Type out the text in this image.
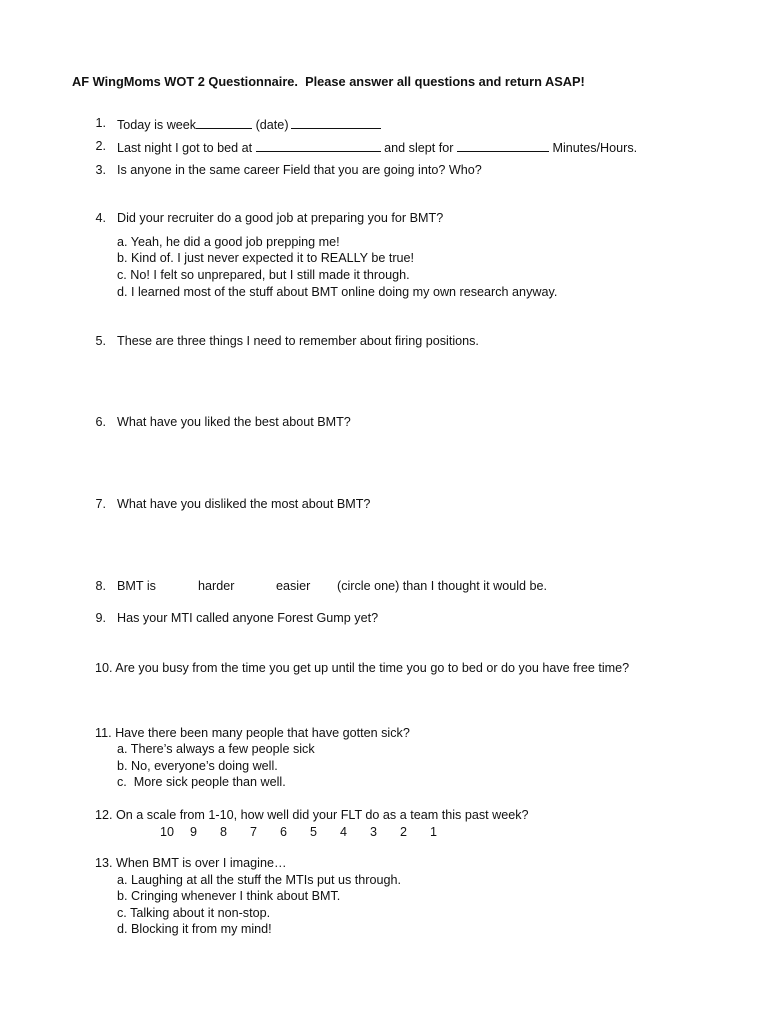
AF WingMoms WOT 2 Questionnaire.  Please answer all questions and return ASAP!
1. Today is week	(date)
2. Last night I got to bed at	and slept for	Minutes/Hours.
3. Is anyone in the same career Field that you are going into? Who?
4. Did your recruiter do a good job at preparing you for BMT?
a. Yeah, he did a good job prepping me!
b. Kind of. I just never expected it to REALLY be true!
c. No! I felt so unprepared, but I still made it through.
d. I learned most of the stuff about BMT online doing my own research anyway.
5. These are three things I need to remember about firing positions.
6. What have you liked the best about BMT?
7. What have you disliked the most about BMT?
8. BMT is	harder	easier (circle one) than I thought it would be.
9. Has your MTI called anyone Forest Gump yet?
10. Are you busy from the time you get up until the time you go to bed or do you have free time?
11. Have there been many people that have gotten sick?
a. There’s always a few people sick
b. No, everyone’s doing well.
c.  More sick people than well.
12. On a scale from 1-10, how well did your FLT do as a team this past week?
10 9 8 7 6 5 4 3 2 1
13. When BMT is over I imagine…
a. Laughing at all the stuff the MTIs put us through.
b. Cringing whenever I think about BMT.
c. Talking about it non-stop.
d. Blocking it from my mind!
